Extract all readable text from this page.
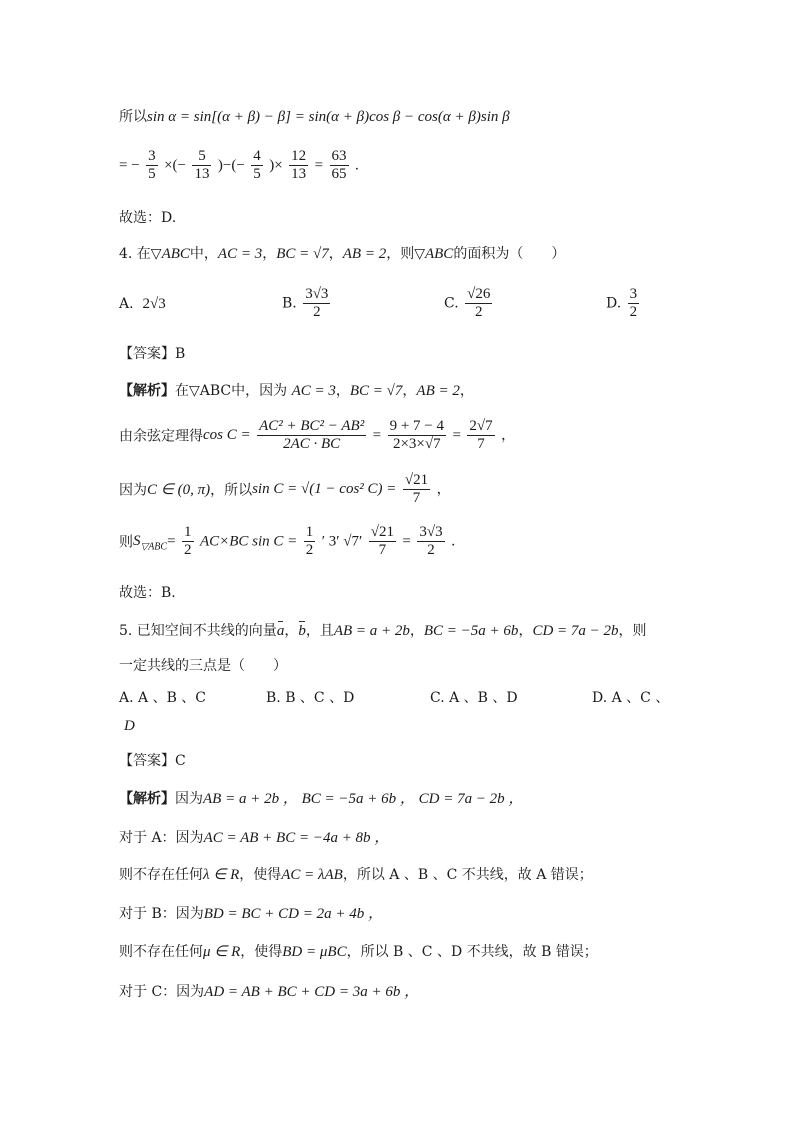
所以sin α = sin[(α + β) − β] = sin(α + β)cos β − cos(α + β)sin β
= − $\frac{3}{5}$ ×(− $\frac{5}{13}$ )−(− $\frac{4}{5}$ )× $\frac{12}{13} = \frac{63}{65}$ .
故选：D.
4. 在▽ABC中，AC = 3，BC = √7，AB = 2，则▽ABC的面积为（　　）
A. 2√3	B. $\frac{3√3}{2}$	C. $\frac{√26}{2}$	D. $\frac{3}{2}$
【答案】B
【解析】在▽ABC中，因为 AC = 3，BC = √7，AB = 2，
由余弦定理得$\cos C = \frac{\text{AC² + BC² − AB²}}{2AC \cdot BC} = \frac{9 + 7 - 4}{2\times 3\times√7} = \frac{2√7}{7}$ ，
因为C ∈ (0, π)，所以sin C = √(1 − cos² $C) = \frac{√21}{7}$ ，
则$S_{▽ABC}= \frac{1}{2} AC\times BC$ $\sin C = \frac{1}{2}$ ′ 3′ $√7' \frac{√21}{7} = \frac{3√3}{2}$ .
故选：B.
5. 已知空间不共线的向量a，b，且AB = a + 2b，BC = −5a + 6b，CD = 7a − 2b，则
一定共线的三点是（　　）
A. A 、B 、C	B. B 、C 、D	C. A 、B 、D	D. A 、C 、
D
【答案】C
【解析】因为AB = a + 2b ， BC = −5a + 6b ， CD = 7a − 2b ，
对于 A：因为AC = AB + BC = −4a + 8b ，
则不存在任何λ ∈ R，使得AC = λAB，所以 A 、B 、C 不共线，故 A 错误；
对于 B：因为BD = BC + CD = 2a + 4b ，
则不存在任何μ ∈ R，使得BD = μBC，所以 B 、C 、D 不共线，故 B 错误；
对于 C：因为AD = AB + BC + CD = 3a + 6b ，
